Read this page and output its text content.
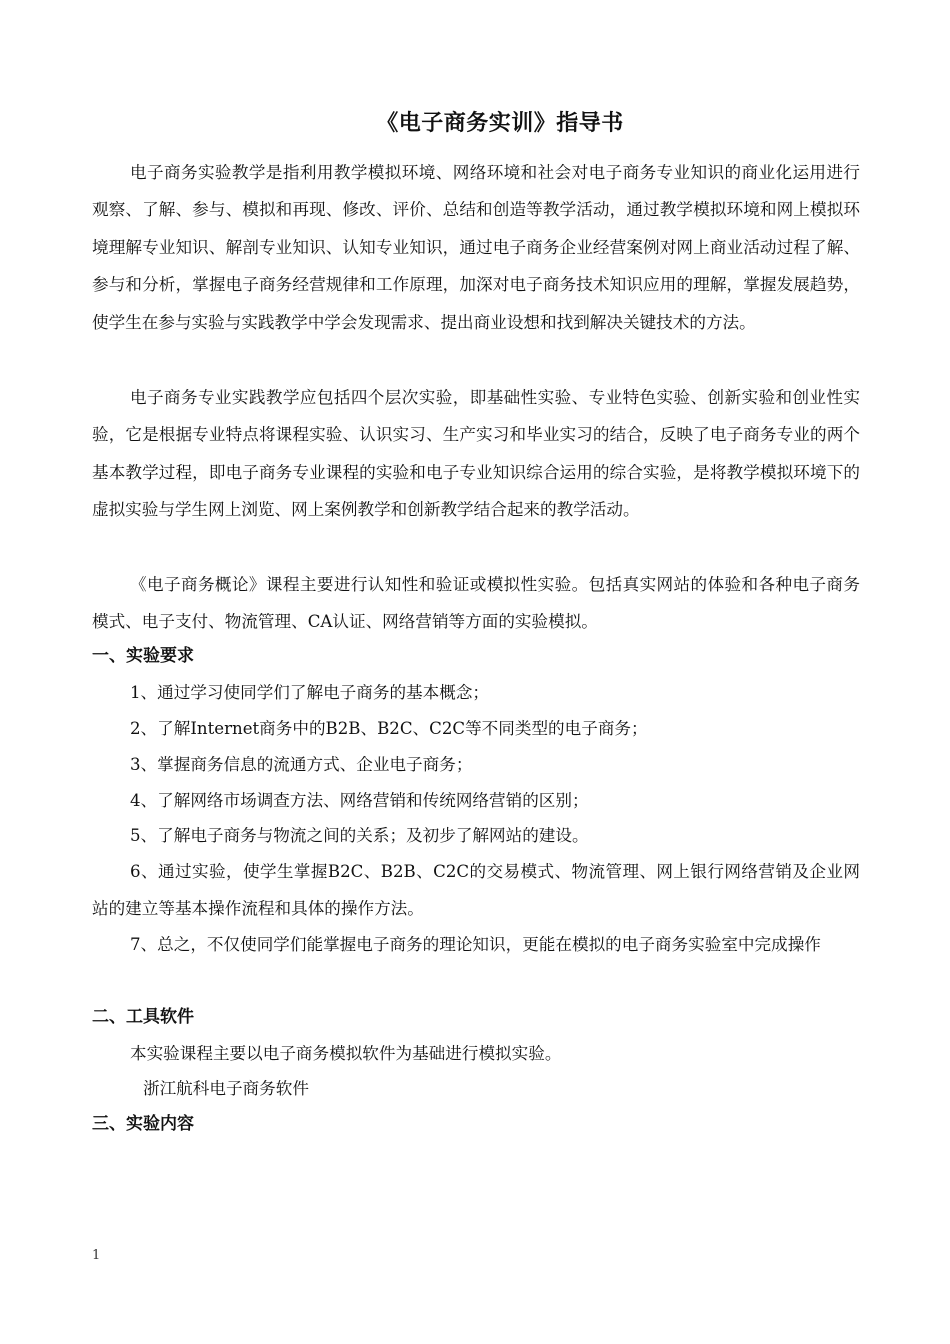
《电子商务实训》指导书

电子商务实验教学是指利用教学模拟环境、网络环境和社会对电子商务专业知识的商业化运用进行观察、了解、参与、模拟和再现、修改、评价、总结和创造等教学活动，通过教学模拟环境和网上模拟环境理解专业知识、解剖专业知识、认知专业知识，通过电子商务企业经营案例对网上商业活动过程了解、参与和分析，掌握电子商务经营规律和工作原理，加深对电子商务技术知识应用的理解，掌握发展趋势，使学生在参与实验与实践教学中学会发现需求、提出商业设想和找到解决关键技术的方法。

电子商务专业实践教学应包括四个层次实验，即基础性实验、专业特色实验、创新实验和创业性实验，它是根据专业特点将课程实验、认识实习、生产实习和毕业实习的结合，反映了电子商务专业的两个基本教学过程，即电子商务专业课程的实验和电子专业知识综合运用的综合实验，是将教学模拟环境下的虚拟实验与学生网上浏览、网上案例教学和创新教学结合起来的教学活动。

《电子商务概论》课程主要进行认知性和验证或模拟性实验。包括真实网站的体验和各种电子商务模式、电子支付、物流管理、CA认证、网络营销等方面的实验模拟。

一、实验要求

1、通过学习使同学们了解电子商务的基本概念；

2、了解Internet商务中的B2B、B2C、C2C等不同类型的电子商务；

3、掌握商务信息的流通方式、企业电子商务；

4、了解网络市场调查方法、网络营销和传统网络营销的区别；

5、了解电子商务与物流之间的关系；及初步了解网站的建设。

6、通过实验，使学生掌握B2C、B2B、C2C的交易模式、物流管理、网上银行网络营销及企业网站的建立等基本操作流程和具体的操作方法。

7、总之，不仅使同学们能掌握电子商务的理论知识，更能在模拟的电子商务实验室中完成操作

二、工具软件

本实验课程主要以电子商务模拟软件为基础进行模拟实验。

浙江航科电子商务软件

三、实验内容
1
